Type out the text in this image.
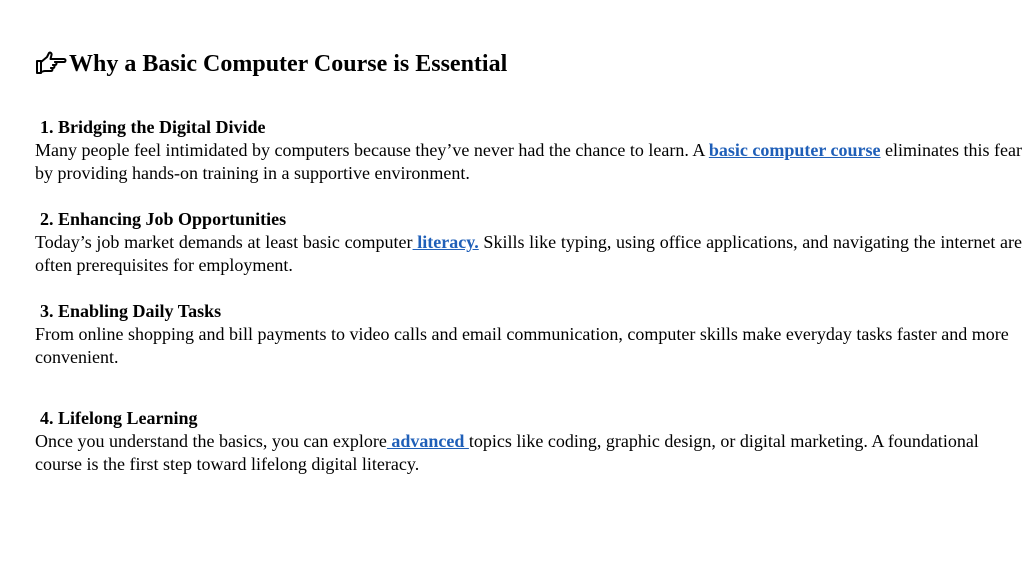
Why a Basic Computer Course is Essential
1. Bridging the Digital Divide
Many people feel intimidated by computers because they’ve never had the chance to learn. A basic computer course eliminates this fear by providing hands-on training in a supportive environment.
2. Enhancing Job Opportunities
Today’s job market demands at least basic computer literacy. Skills like typing, using office applications, and navigating the internet are often prerequisites for employment.
3. Enabling Daily Tasks
From online shopping and bill payments to video calls and email communication, computer skills make everyday tasks faster and more convenient.
4. Lifelong Learning
Once you understand the basics, you can explore advanced topics like coding, graphic design, or digital marketing. A foundational course is the first step toward lifelong digital literacy.
